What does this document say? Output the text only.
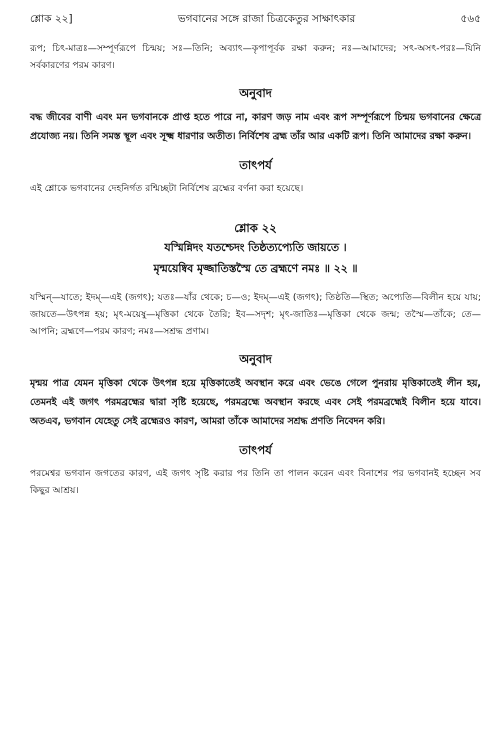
শ্লোক ২২]	ভগবানের সঙ্গে রাজা চিত্রকেতুর সাক্ষাৎকার	৫৬৫

রূপ; চিৎ-মাত্রঃ—সম্পূর্ণরূপে চিন্ময়; সঃ—তিনি; অব্যাৎ—কৃপাপূর্বক রক্ষা করুন; নঃ—আমাদের; সৎ-অসৎ-পরঃ—যিনি সর্বকারণের পরম কারণ।

অনুবাদ

বদ্ধ জীবের বাণী এবং মন ভগবানকে প্রাপ্ত হতে পারে না, কারণ জড় নাম এবং রূপ সম্পূর্ণরূপে চিন্ময় ভগবানের ক্ষেত্রে প্রযোজ্য নয়। তিনি সমস্ত স্থূল এবং সূক্ষ্ম ধারণার অতীত। নির্বিশেষ ব্রহ্ম তাঁর আর একটি রূপ। তিনি আমাদের রক্ষা করুন।

তাৎপর্য

এই শ্লোকে ভগবানের দেহনির্গত রশ্মিচ্ছটা নির্বিশেষ ব্রহ্মের বর্ণনা করা হয়েছে।

শ্লোক ২২

যস্মিন্নিদং যতশ্চেদং তিষ্ঠত্যপ্যেতি জায়তে ।
মৃন্ময়েষ্বিব মৃজ্জাতিস্তস্মৈ তে ব্রহ্মণে নমঃ ॥ ২২ ॥

যস্মিন্—যাতে; ইদম্—এই (জগৎ); যতঃ—যাঁর থেকে; চ—ও; ইদম্—এই (জগৎ); তিষ্ঠতি—স্থিত; অপ্যেতি—বিলীন হয়ে যায়; জায়তে—উৎপন্ন হয়; মৃৎ-ময়েষু—মৃত্তিকা থেকে তৈরি; ইব—সদৃশ; মৃৎ-জাতিঃ—মৃত্তিকা থেকে জন্ম; তস্মৈ—তাঁকে; তে—আপনি; ব্রহ্মণে—পরম কারণ; নমঃ—সশ্রদ্ধ প্রণাম।

অনুবাদ

মৃন্ময় পাত্র যেমন মৃত্তিকা থেকে উৎপন্ন হয়ে মৃত্তিকাতেই অবস্থান করে এবং ভেঙে গেলে পুনরায় মৃত্তিকাতেই লীন হয়, তেমনই এই জগৎ পরমব্রহ্মের দ্বারা সৃষ্টি হয়েছে, পরমব্রহ্মে অবস্থান করছে এবং সেই পরমব্রহ্মেই বিলীন হয়ে যাবে। অতএব, ভগবান যেহেতু সেই ব্রহ্মেরও কারণ, আমরা তাঁকে আমাদের সশ্রদ্ধ প্রণতি নিবেদন করি।

তাৎপর্য

পরমেশ্বর ভগবান জগতের কারণ, এই জগৎ সৃষ্টি করার পর তিনি তা পালন করেন এবং বিনাশের পর ভগবানই হচ্ছেন সব কিছুর আশ্রয়।
